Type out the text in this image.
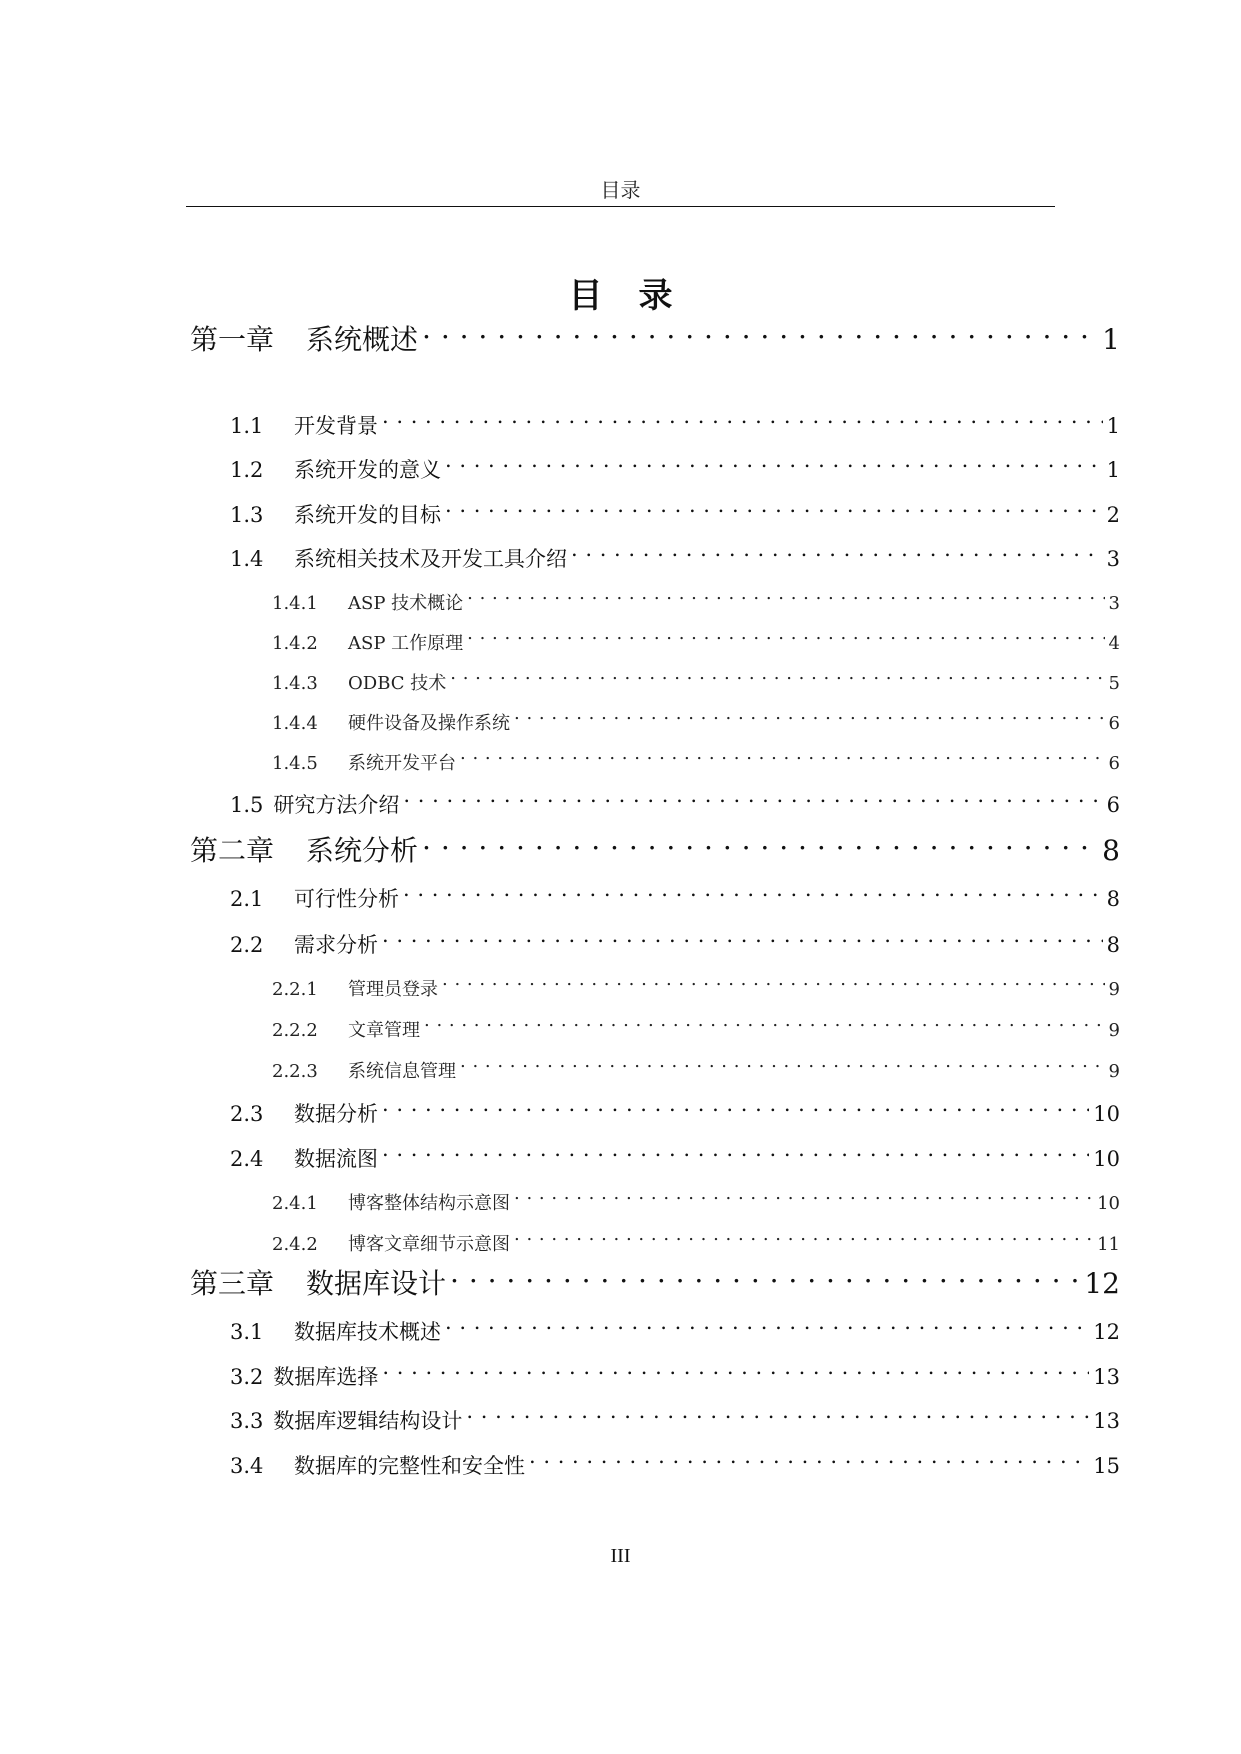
目录
目录
第一章	系统概述 . . .	1
1.1	开发背景 . . .	1
1.2	系统开发的意义 . . .	1
1.3	系统开发的目标 . . .	2
1.4	系统相关技术及开发工具介绍 . . .	3
1.4.1	ASP 技术概论 . . .	3
1.4.2	ASP 工作原理 . . .	4
1.4.3	ODBC 技术 . . .	5
1.4.4	硬件设备及操作系统 . . .	6
1.4.5	系统开发平台 . . .	6
1.5 研究方法介绍 . . .	6
第二章	系统分析 . . .	8
2.1	可行性分析 . . .	8
2.2	需求分析 . . .	8
2.2.1	管理员登录 . . .	9
2.2.2	文章管理 . . .	9
2.2.3	系统信息管理 . . .	9
2.3	数据分析 . . .	10
2.4	数据流图 . . .	10
2.4.1	博客整体结构示意图 . . .	10
2.4.2	博客文章细节示意图 . . .	11
第三章	数据库设计 . . .	12
3.1	数据库技术概述 . . .	12
3.2 数据库选择 . . .	13
3.3 数据库逻辑结构设计 . . .	13
3.4	数据库的完整性和安全性 . . .	15
III
